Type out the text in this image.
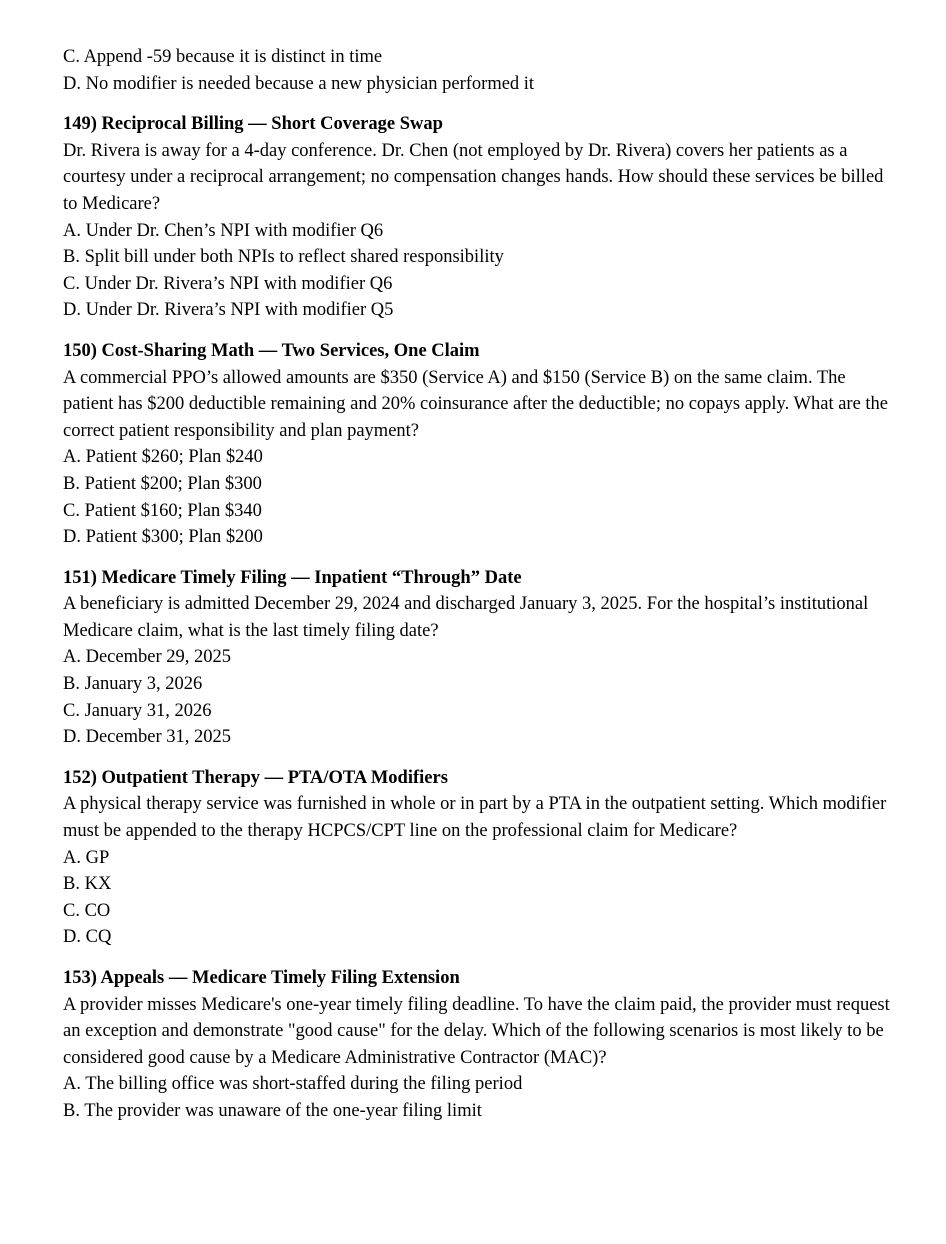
C. Append -59 because it is distinct in time

D. No modifier is needed because a new physician performed it

149) Reciprocal Billing — Short Coverage Swap

Dr. Rivera is away for a 4-day conference. Dr. Chen (not employed by Dr. Rivera) covers her patients as a courtesy under a reciprocal arrangement; no compensation changes hands. How should these services be billed to Medicare?

A. Under Dr. Chen’s NPI with modifier Q6

B. Split bill under both NPIs to reflect shared responsibility

C. Under Dr. Rivera’s NPI with modifier Q6

D. Under Dr. Rivera’s NPI with modifier Q5

150) Cost-Sharing Math — Two Services, One Claim

A commercial PPO’s allowed amounts are $350 (Service A) and $150 (Service B) on the same claim. The patient has $200 deductible remaining and 20% coinsurance after the deductible; no copays apply. What are the correct patient responsibility and plan payment?

A. Patient $260; Plan $240

B. Patient $200; Plan $300

C. Patient $160; Plan $340

D. Patient $300; Plan $200

151) Medicare Timely Filing — Inpatient “Through” Date

A beneficiary is admitted December 29, 2024 and discharged January 3, 2025. For the hospital’s institutional Medicare claim, what is the last timely filing date?

A. December 29, 2025

B. January 3, 2026

C. January 31, 2026

D. December 31, 2025

152) Outpatient Therapy — PTA/OTA Modifiers

A physical therapy service was furnished in whole or in part by a PTA in the outpatient setting. Which modifier must be appended to the therapy HCPCS/CPT line on the professional claim for Medicare?

A. GP

B. KX

C. CO

D. CQ

153) Appeals — Medicare Timely Filing Extension

A provider misses Medicare's one-year timely filing deadline. To have the claim paid, the provider must request an exception and demonstrate "good cause" for the delay. Which of the following scenarios is most likely to be considered good cause by a Medicare Administrative Contractor (MAC)?

A. The billing office was short-staffed during the filing period

B. The provider was unaware of the one-year filing limit
